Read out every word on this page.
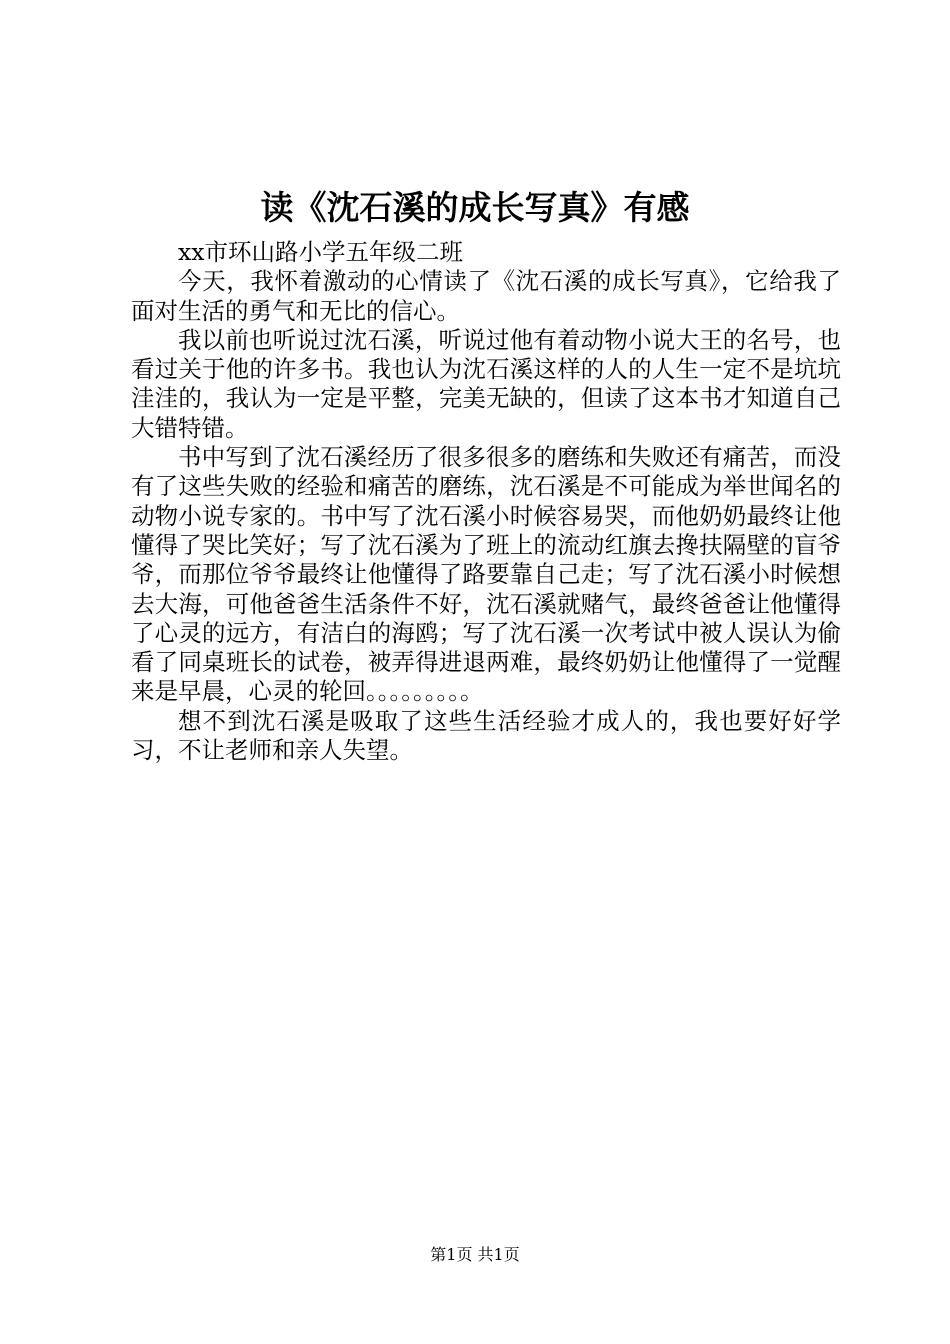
读《沈石溪的成长写真》有感

xx市环山路小学五年级二班

今天，我怀着激动的心情读了《沈石溪的成长写真》，它给我了面对生活的勇气和无比的信心。

我以前也听说过沈石溪，听说过他有着动物小说大王的名号，也看过关于他的许多书。我也认为沈石溪这样的人的人生一定不是坑坑洼洼的，我认为一定是平整，完美无缺的，但读了这本书才知道自己大错特错。

书中写到了沈石溪经历了很多很多的磨练和失败还有痛苦，而没有了这些失败的经验和痛苦的磨练，沈石溪是不可能成为举世闻名的动物小说专家的。书中写了沈石溪小时候容易哭，而他奶奶最终让他懂得了哭比笑好；写了沈石溪为了班上的流动红旗去搀扶隔壁的盲爷爷，而那位爷爷最终让他懂得了路要靠自己走；写了沈石溪小时候想去大海，可他爸爸生活条件不好，沈石溪就赌气，最终爸爸让他懂得了心灵的远方，有洁白的海鸥；写了沈石溪一次考试中被人误认为偷看了同桌班长的试卷，被弄得进退两难，最终奶奶让他懂得了一觉醒来是早晨，心灵的轮回。。。。。。。。。

想不到沈石溪是吸取了这些生活经验才成人的，我也要好好学习，不让老师和亲人失望。

第1页 共1页
